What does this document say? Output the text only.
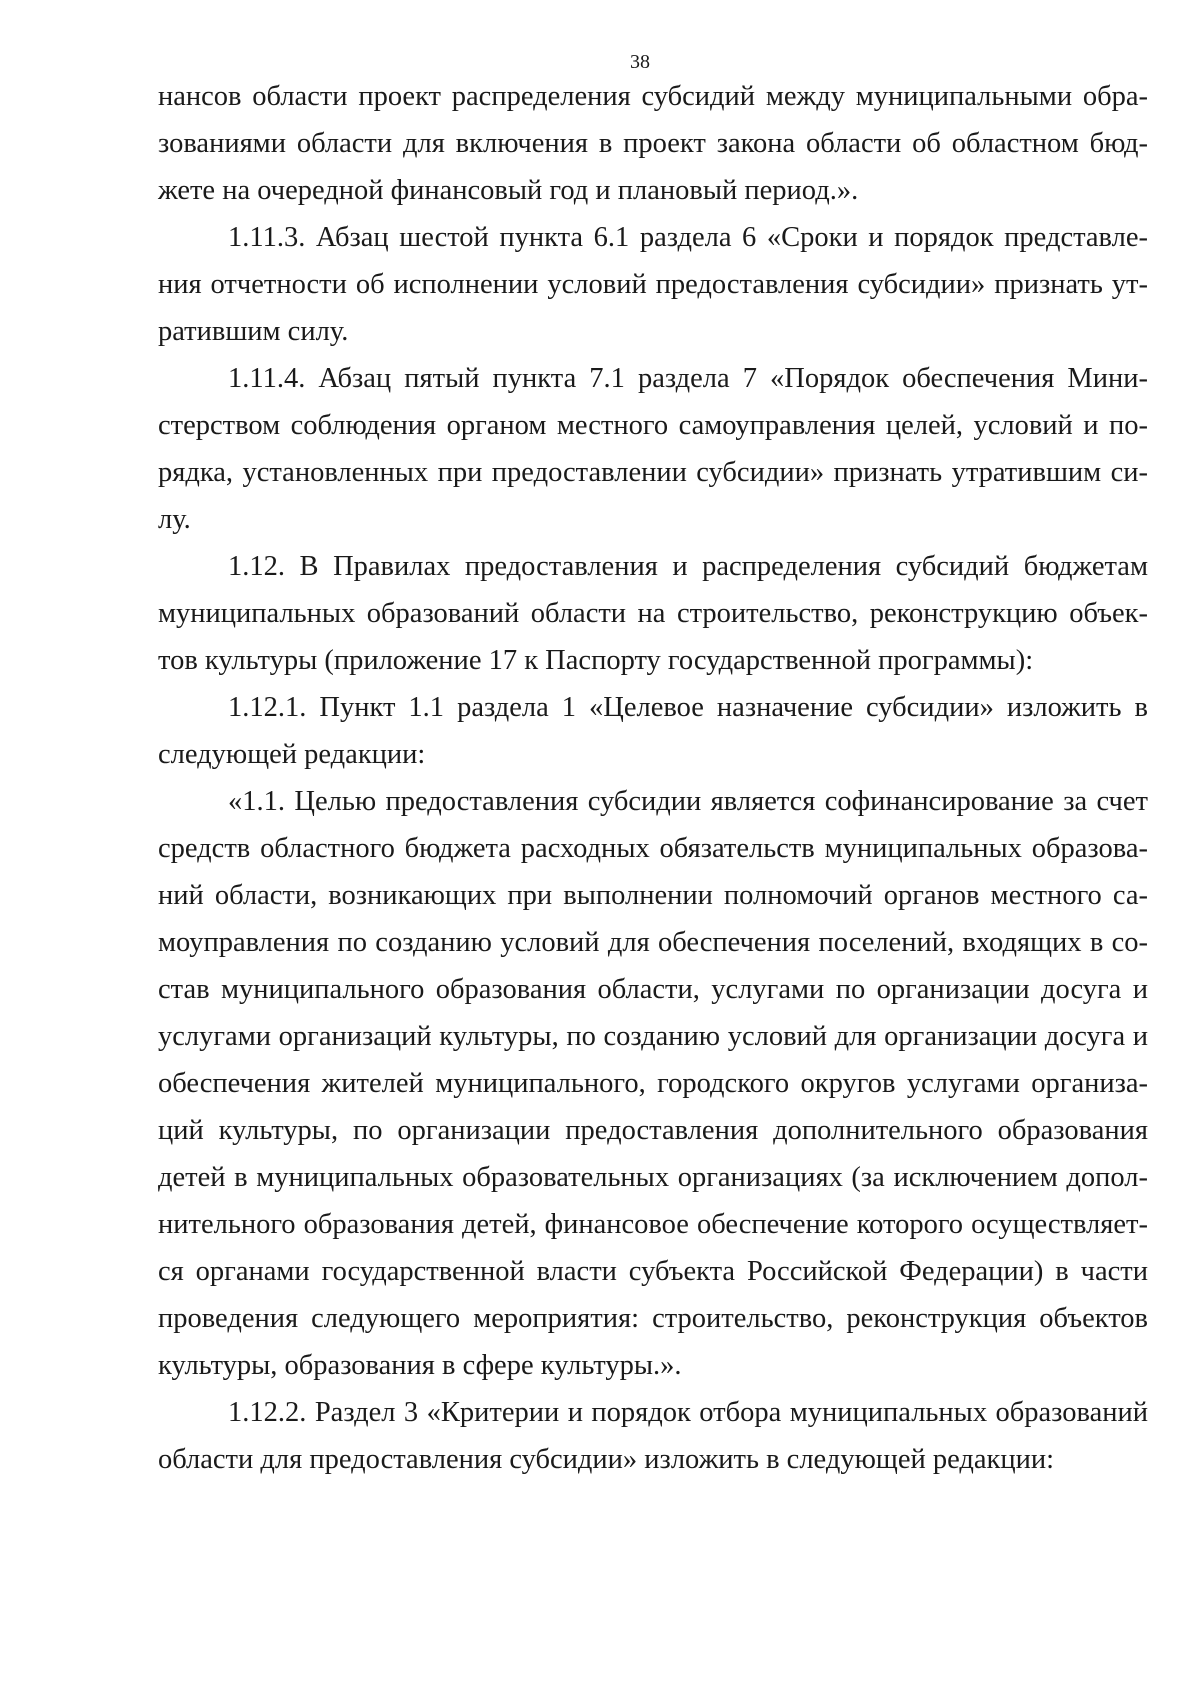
38
нансов области проект распределения субсидий между муниципальными обра-
зованиями области для включения в проект закона области об областном бюд-
жете на очередной финансовый год и плановый период.».
1.11.3. Абзац шестой пункта 6.1 раздела 6 «Сроки и порядок представле-
ния отчетности об исполнении условий предоставления субсидии» признать ут-
ратившим силу.
1.11.4. Абзац пятый пункта 7.1 раздела 7 «Порядок обеспечения Мини-
стерством соблюдения органом местного самоуправления целей, условий и по-
рядка, установленных при предоставлении субсидии» признать утратившим си-
лу.
1.12. В Правилах предоставления и распределения субсидий бюджетам
муниципальных образований области на строительство, реконструкцию объек-
тов культуры (приложение 17 к Паспорту государственной программы):
1.12.1. Пункт 1.1 раздела 1 «Целевое назначение субсидии» изложить в
следующей редакции:
«1.1. Целью предоставления субсидии является софинансирование за счет
средств областного бюджета расходных обязательств муниципальных образова-
ний области, возникающих при выполнении полномочий органов местного са-
моуправления по созданию условий для обеспечения поселений, входящих в со-
став муниципального образования области, услугами по организации досуга и
услугами организаций культуры, по созданию условий для организации досуга и
обеспечения жителей муниципального, городского округов услугами организа-
ций культуры, по организации предоставления дополнительного образования
детей в муниципальных образовательных организациях (за исключением допол-
нительного образования детей, финансовое обеспечение которого осуществляет-
ся органами государственной власти субъекта Российской Федерации) в части
проведения следующего мероприятия: строительство, реконструкция объектов
культуры, образования в сфере культуры.».
1.12.2. Раздел 3 «Критерии и порядок отбора муниципальных образований
области для предоставления субсидии» изложить в следующей редакции:
